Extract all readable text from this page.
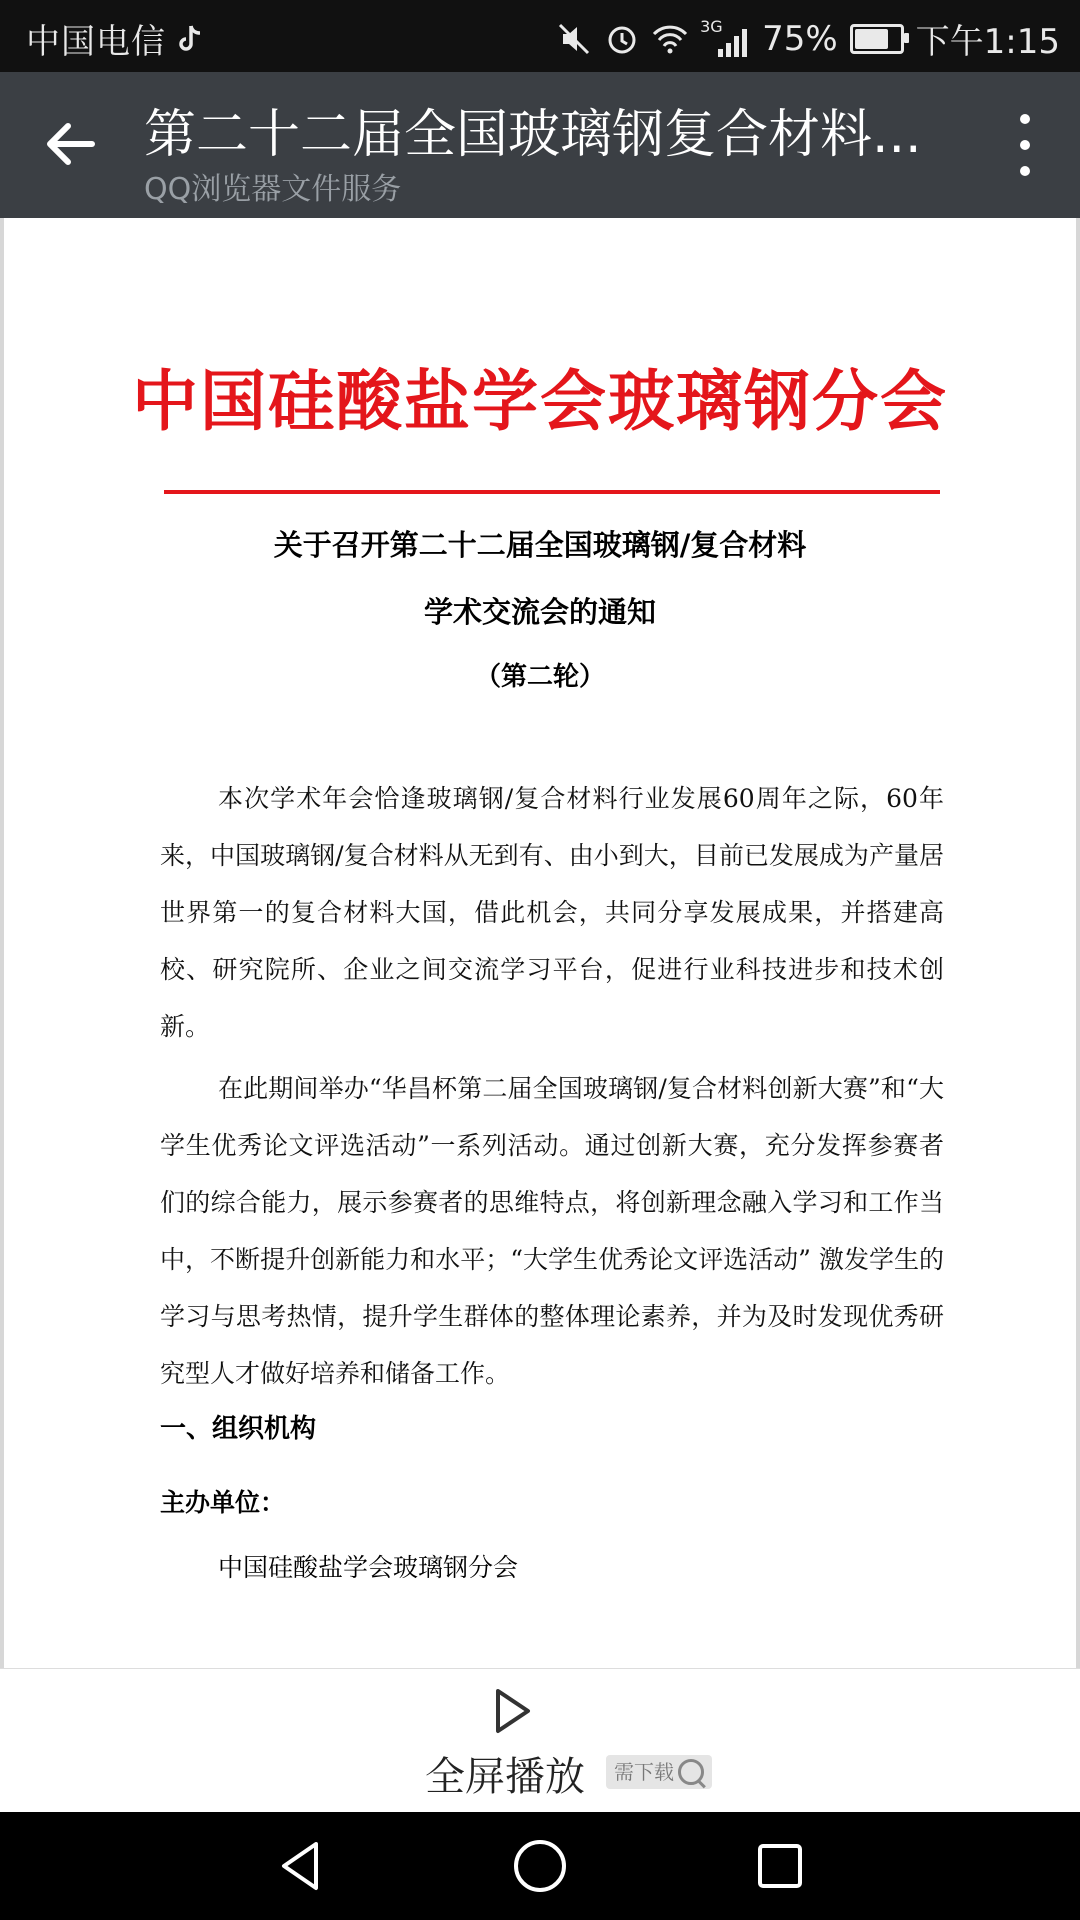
中国电信	3G 75% 下午1:15
第二十二届全国玻璃钢复合材料...
QQ浏览器文件服务
中国硅酸盐学会玻璃钢分会
关于召开第二十二届全国玻璃钢/复合材料
学术交流会的通知
（第二轮）
本次学术年会恰逢玻璃钢/复合材料行业发展60周年之际，60年来，中国玻璃钢/复合材料从无到有、由小到大，目前已发展成为产量居世界第一的复合材料大国，借此机会，共同分享发展成果，并搭建高校、研究院所、企业之间交流学习平台，促进行业科技进步和技术创新。
在此期间举办“华昌杯第二届全国玻璃钢/复合材料创新大赛”和“大学生优秀论文评选活动”一系列活动。通过创新大赛，充分发挥参赛者们的综合能力，展示参赛者的思维特点，将创新理念融入学习和工作当中，不断提升创新能力和水平；“大学生优秀论文评选活动” 激发学生的学习与思考热情，提升学生群体的整体理论素养，并为及时发现优秀研究型人才做好培养和储备工作。
一、组织机构
主办单位：
中国硅酸盐学会玻璃钢分会
全屏播放 需下载
